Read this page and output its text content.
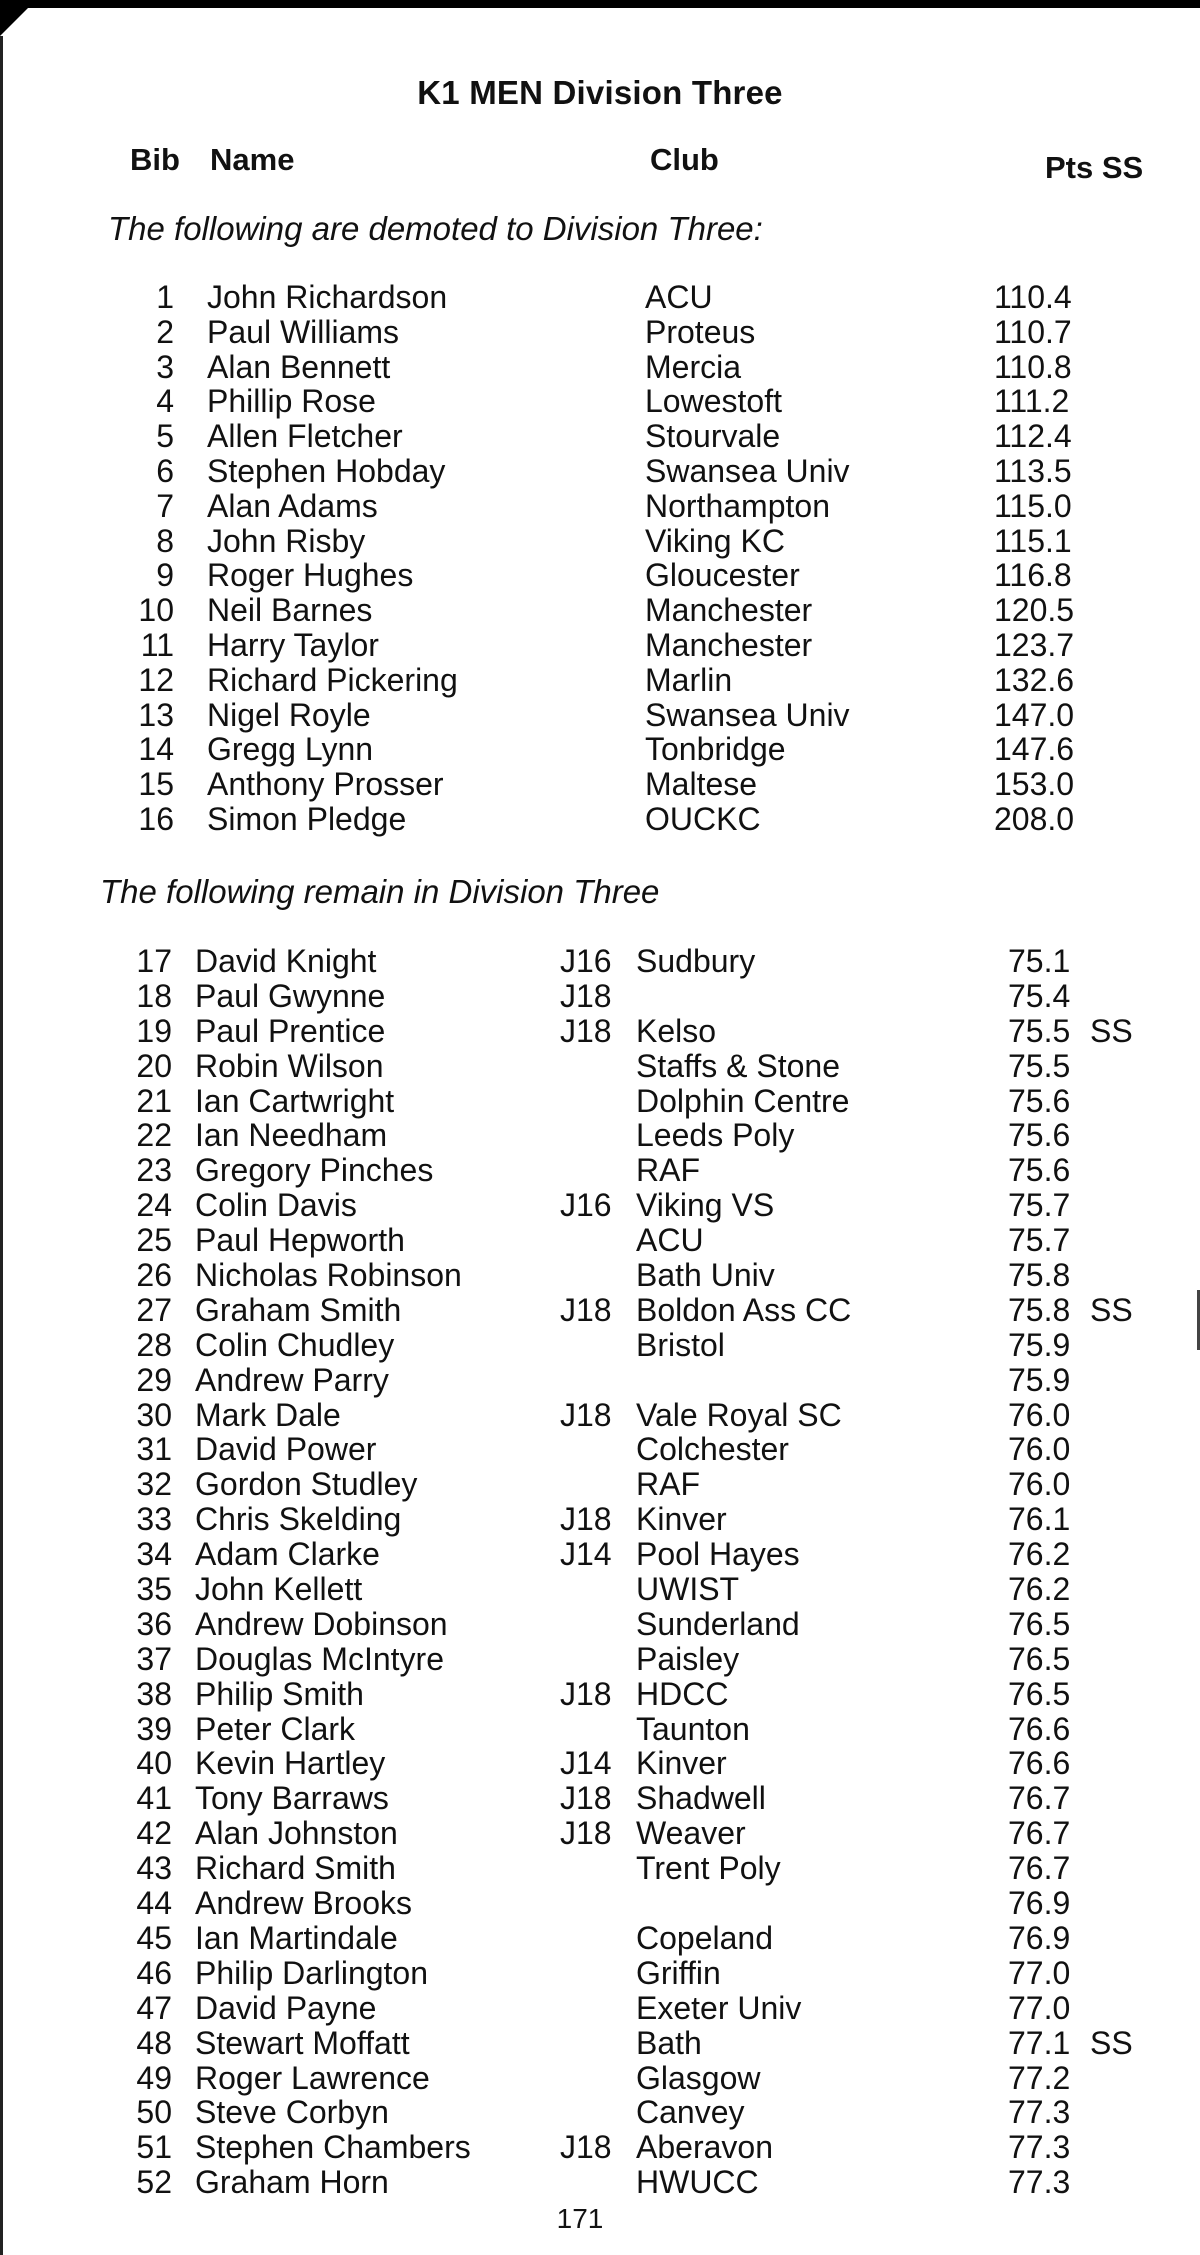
K1 MEN Division Three
Bib Name	Club	Pts SS
The following are demoted to Division Three:
1 John Richardson	ACU	110.4
2 Paul Williams	Proteus	110.7
3 Alan Bennett	Mercia	110.8
4 Phillip Rose	Lowestoft	111.2
5 Allen Fletcher	Stourvale	112.4
6 Stephen Hobday	Swansea Univ	113.5
7 Alan Adams	Northampton	115.0
8 John Risby	Viking KC	115.1
9 Roger Hughes	Gloucester	116.8
10 Neil Barnes	Manchester	120.5
11 Harry Taylor	Manchester	123.7
12 Richard Pickering	Marlin	132.6
13 Nigel Royle	Swansea Univ	147.0
14 Gregg Lynn	Tonbridge	147.6
15 Anthony Prosser	Maltese	153.0
16 Simon Pledge	OUCKC	208.0
The following remain in Division Three
17 David Knight	J16 Sudbury	75.1
18 Paul Gwynne	J18	75.4
19 Paul Prentice	J18 Kelso	75.5 SS
20 Robin Wilson	Staffs & Stone	75.5
21 Ian Cartwright	Dolphin Centre	75.6
22 Ian Needham	Leeds Poly	75.6
23 Gregory Pinches	RAF	75.6
24 Colin Davis	J16 Viking VS	75.7
25 Paul Hepworth	ACU	75.7
26 Nicholas Robinson	Bath Univ	75.8
27 Graham Smith	J18 Boldon Ass CC	75.8 SS
28 Colin Chudley	Bristol	75.9
29 Andrew Parry	75.9
30 Mark Dale	J18 Vale Royal SC	76.0
31 David Power	Colchester	76.0
32 Gordon Studley	RAF	76.0
33 Chris Skelding	J18 Kinver	76.1
34 Adam Clarke	J14 Pool Hayes	76.2
35 John Kellett	UWIST	76.2
36 Andrew Dobinson	Sunderland	76.5
37 Douglas McIntyre	Paisley	76.5
38 Philip Smith	J18 HDCC	76.5
39 Peter Clark	Taunton	76.6
40 Kevin Hartley	J14 Kinver	76.6
41 Tony Barraws	J18 Shadwell	76.7
42 Alan Johnston	J18 Weaver	76.7
43 Richard Smith	Trent Poly	76.7
44 Andrew Brooks	76.9
45 Ian Martindale	Copeland	76.9
46 Philip Darlington	Griffin	77.0
47 David Payne	Exeter Univ	77.0
48 Stewart Moffatt	Bath	77.1 SS
49 Roger Lawrence	Glasgow	77.2
50 Steve Corbyn	Canvey	77.3
51 Stephen Chambers	J18 Aberavon	77.3
52 Graham Horn	HWUCC	77.3
171
